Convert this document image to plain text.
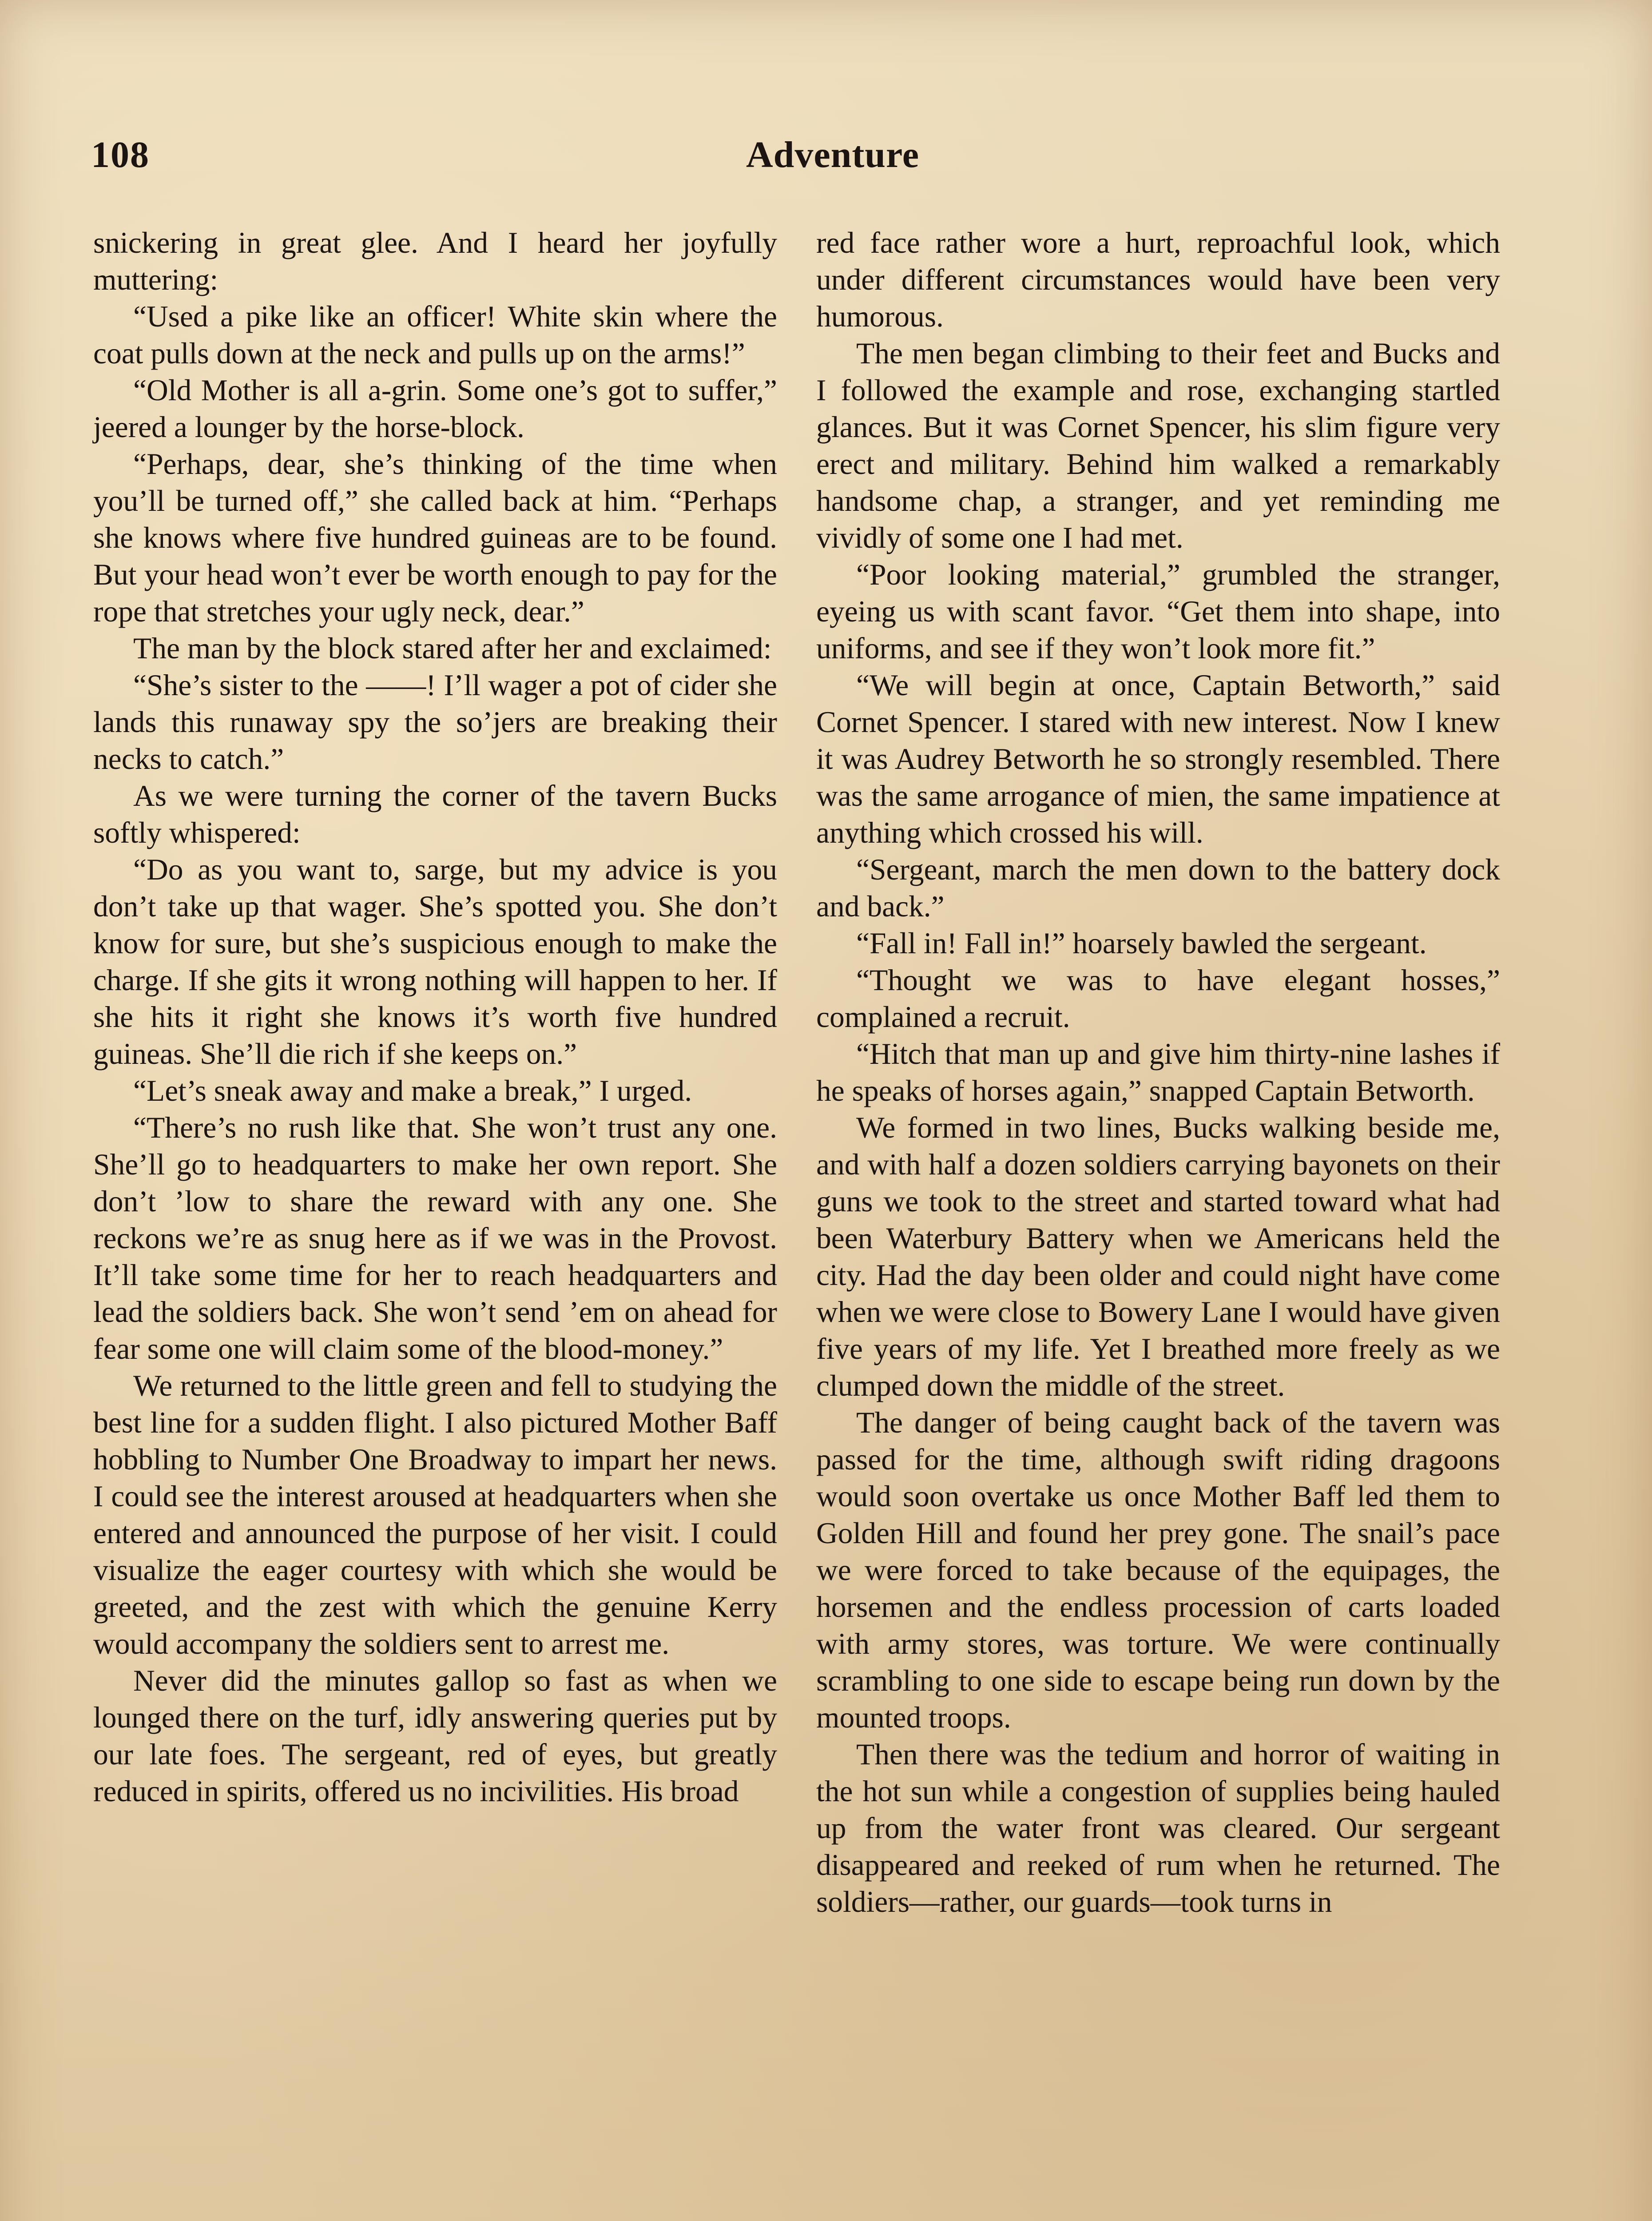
Adventure
108

snickering in great glee. And I heard her joyfully muttering:

“Used a pike like an officer! White skin where the coat pulls down at the neck and pulls up on the arms!”

“Old Mother is all a-grin. Some one’s got to suffer,” jeered a lounger by the horse-block.

“Perhaps, dear, she’s thinking of the time when you’ll be turned off,” she called back at him. “Perhaps she knows where five hundred guineas are to be found. But your head won’t ever be worth enough to pay for the rope that stretches your ugly neck, dear.”

The man by the block stared after her and exclaimed:

“She’s sister to the ——! I’ll wager a pot of cider she lands this runaway spy the so’jers are breaking their necks to catch.”

As we were turning the corner of the tavern Bucks softly whispered:

“Do as you want to, sarge, but my advice is you don’t take up that wager. She’s spotted you. She don’t know for sure, but she’s suspicious enough to make the charge. If she gits it wrong nothing will happen to her. If she hits it right she knows it’s worth five hundred guineas. She’ll die rich if she keeps on.”

“Let’s sneak away and make a break,” I urged.

“There’s no rush like that. She won’t trust any one. She’ll go to headquarters to make her own report. She don’t ’low to share the reward with any one. She reckons we’re as snug here as if we was in the Provost. It’ll take some time for her to reach headquarters and lead the soldiers back. She won’t send ’em on ahead for fear some one will claim some of the blood-money.”

We returned to the little green and fell to studying the best line for a sudden flight. I also pictured Mother Baff hobbling to Number One Broadway to impart her news. I could see the interest aroused at headquarters when she entered and announced the purpose of her visit. I could visualize the eager courtesy with which she would be greeted, and the zest with which the genuine Kerry would accompany the soldiers sent to arrest me.

Never did the minutes gallop so fast as when we lounged there on the turf, idly answering queries put by our late foes. The sergeant, red of eyes, but greatly reduced in spirits, offered us no incivilities. His broad

red face rather wore a hurt, reproachful look, which under different circumstances would have been very humorous.

The men began climbing to their feet and Bucks and I followed the example and rose, exchanging startled glances. But it was Cornet Spencer, his slim figure very erect and military. Behind him walked a remarkably handsome chap, a stranger, and yet reminding me vividly of some one I had met.

“Poor looking material,” grumbled the stranger, eyeing us with scant favor. “Get them into shape, into uniforms, and see if they won’t look more fit.”

“We will begin at once, Captain Betworth,” said Cornet Spencer. I stared with new interest. Now I knew it was Audrey Betworth he so strongly resembled. There was the same arrogance of mien, the same impatience at anything which crossed his will.

“Sergeant, march the men down to the battery dock and back.”

“Fall in! Fall in!” hoarsely bawled the sergeant.

“Thought we was to have elegant hosses,” complained a recruit.

“Hitch that man up and give him thirty-nine lashes if he speaks of horses again,” snapped Captain Betworth.

We formed in two lines, Bucks walking beside me, and with half a dozen soldiers carrying bayonets on their guns we took to the street and started toward what had been Waterbury Battery when we Americans held the city. Had the day been older and could night have come when we were close to Bowery Lane I would have given five years of my life. Yet I breathed more freely as we clumped down the middle of the street.

The danger of being caught back of the tavern was passed for the time, although swift riding dragoons would soon overtake us once Mother Baff led them to Golden Hill and found her prey gone. The snail’s pace we were forced to take because of the equipages, the horsemen and the endless procession of carts loaded with army stores, was torture. We were continually scrambling to one side to escape being run down by the mounted troops.

Then there was the tedium and horror of waiting in the hot sun while a congestion of supplies being hauled up from the water front was cleared. Our sergeant disappeared and reeked of rum when he returned. The soldiers—rather, our guards—took turns in
